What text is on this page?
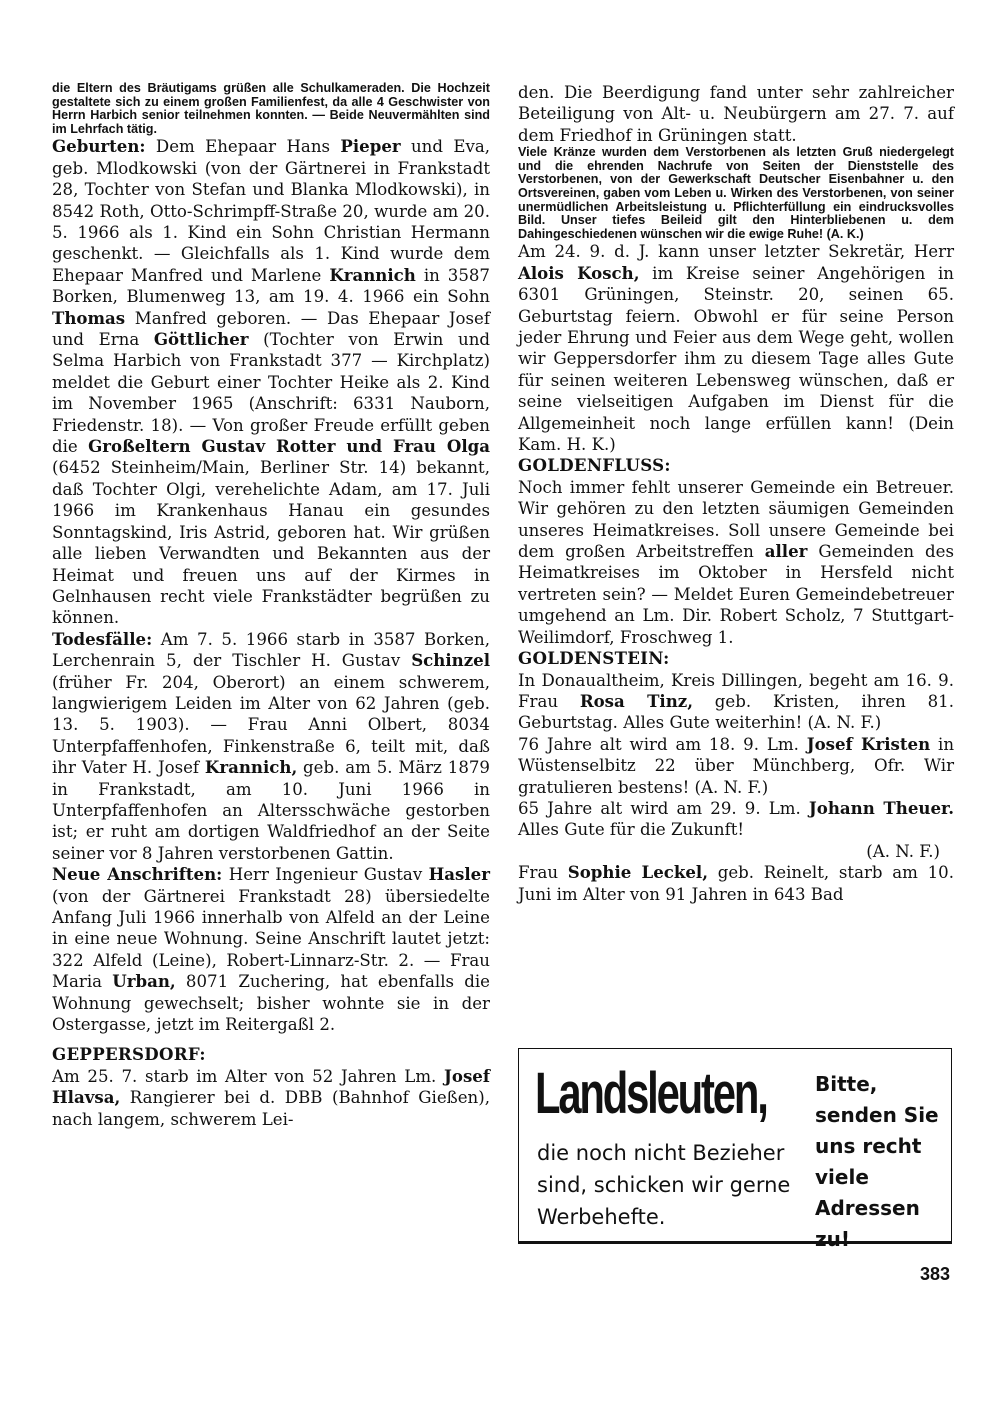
die Eltern des Bräutigams grüßen alle Schulkameraden. Die Hochzeit gestaltete sich zu einem großen Familienfest, da alle 4 Geschwister von Herrn Harbich senior teilnehmen konnten. — Beide Neuvermählten sind im Lehrfach tätig.

Geburten: Dem Ehepaar Hans Pieper und Eva, geb. Mlodkowski (von der Gärtnerei in Frankstadt 28, Tochter von Stefan und Blanka Mlodkowski), in 8542 Roth, Otto-Schrimpff-Straße 20, wurde am 20. 5. 1966 als 1. Kind ein Sohn Christian Hermann geschenkt. — Gleichfalls als 1. Kind wurde dem Ehepaar Manfred und Marlene Krannich in 3587 Borken, Blumenweg 13, am 19. 4. 1966 ein Sohn Thomas Manfred geboren. — Das Ehepaar Josef und Erna Göttlicher (Tochter von Erwin und Selma Harbich von Frankstadt 377 — Kirchplatz) meldet die Geburt einer Tochter Heike als 2. Kind im November 1965 (Anschrift: 6331 Nauborn, Friedenstr. 18). — Von großer Freude erfüllt geben die Großeltern Gustav Rotter und Frau Olga (6452 Steinheim/Main, Berliner Str. 14) bekannt, daß Tochter Olgi, verehelichte Adam, am 17. Juli 1966 im Krankenhaus Hanau ein gesundes Sonntagskind, Iris Astrid, geboren hat. Wir grüßen alle lieben Verwandten und Bekannten aus der Heimat und freuen uns auf der Kirmes in Gelnhausen recht viele Frankstädter begrüßen zu können.

Todesfälle: Am 7. 5. 1966 starb in 3587 Borken, Lerchenrain 5, der Tischler H. Gustav Schinzel (früher Fr. 204, Oberort) an einem schwerem, langwierigem Leiden im Alter von 62 Jahren (geb. 13. 5. 1903). — Frau Anni Olbert, 8034 Unterpfaffenhofen, Finkenstraße 6, teilt mit, daß ihr Vater H. Josef Krannich, geb. am 5. März 1879 in Frankstadt, am 10. Juni 1966 in Unterpfaffenhofen an Altersschwäche gestorben ist; er ruht am dortigen Waldfriedhof an der Seite seiner vor 8 Jahren verstorbenen Gattin.

Neue Anschriften: Herr Ingenieur Gustav Hasler (von der Gärtnerei Frankstadt 28) übersiedelte Anfang Juli 1966 innerhalb von Alfeld an der Leine in eine neue Wohnung. Seine Anschrift lautet jetzt: 322 Alfeld (Leine), Robert-Linnarz-Str. 2. — Frau Maria Urban, 8071 Zuchering, hat ebenfalls die Wohnung gewechselt; bisher wohnte sie in der Ostergasse, jetzt im Reitergaßl 2.

GEPPERSDORF:

Am 25. 7. starb im Alter von 52 Jahren Lm. Josef Hlavsa, Rangierer bei d. DBB (Bahnhof Gießen), nach langem, schwerem Lei-

den. Die Beerdigung fand unter sehr zahlreicher Beteiligung von Alt- u. Neubürgern am 27. 7. auf dem Friedhof in Grüningen statt.

Viele Kränze wurden dem Verstorbenen als letzten Gruß niedergelegt und die ehrenden Nachrufe von Seiten der Dienststelle des Verstorbenen, von der Gewerkschaft Deutscher Eisenbahner u. den Ortsvereinen, gaben vom Leben u. Wirken des Verstorbenen, von seiner unermüdlichen Arbeitsleistung u. Pflichterfüllung ein eindrucksvolles Bild. Unser tiefes Beileid gilt den Hinterbliebenen u. dem Dahingeschiedenen wünschen wir die ewige Ruhe! (A. K.)

Am 24. 9. d. J. kann unser letzter Sekretär, Herr Alois Kosch, im Kreise seiner Angehörigen in 6301 Grüningen, Steinstr. 20, seinen 65. Geburtstag feiern. Obwohl er für seine Person jeder Ehrung und Feier aus dem Wege geht, wollen wir Geppersdorfer ihm zu diesem Tage alles Gute für seinen weiteren Lebensweg wünschen, daß er seine vielseitigen Aufgaben im Dienst für die Allgemeinheit noch lange erfüllen kann! (Dein Kam. H. K.)

GOLDENFLUSS:

Noch immer fehlt unserer Gemeinde ein Betreuer. Wir gehören zu den letzten säumigen Gemeinden unseres Heimatkreises. Soll unsere Gemeinde bei dem großen Arbeitstreffen aller Gemeinden des Heimatkreises im Oktober in Hersfeld nicht vertreten sein? — Meldet Euren Gemeindebetreuer umgehend an Lm. Dir. Robert Scholz, 7 Stuttgart-Weilimdorf, Froschweg 1.

GOLDENSTEIN:

In Donaualtheim, Kreis Dillingen, begeht am 16. 9. Frau Rosa Tinz, geb. Kristen, ihren 81. Geburtstag. Alles Gute weiterhin! (A. N. F.)

76 Jahre alt wird am 18. 9. Lm. Josef Kristen in Wüstenselbitz 22 über Münchberg, Ofr. Wir gratulieren bestens! (A. N. F.)

65 Jahre alt wird am 29. 9. Lm. Johann Theuer. Alles Gute für die Zukunft!
(A. N. F.)

Frau Sophie Leckel, geb. Reinelt, starb am 10. Juni im Alter von 91 Jahren in 643 Bad

Landsleuten,
die noch nicht Bezieher sind, schicken wir gerne Werbehefte.
Bitte, senden Sie uns recht viele Adressen zu!
383
